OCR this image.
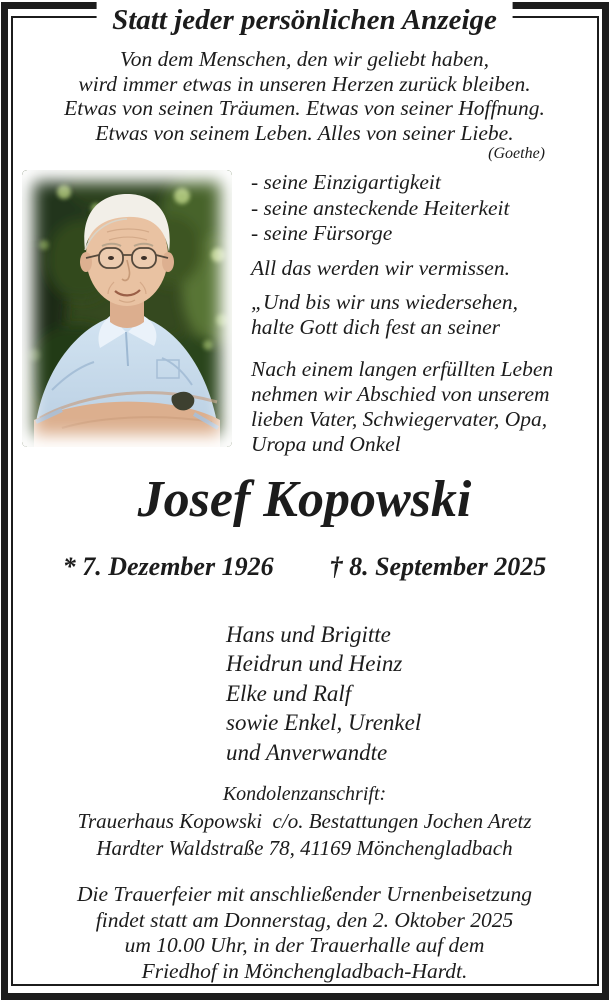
Statt jeder persönlichen Anzeige
Von dem Menschen, den wir geliebt haben,
wird immer etwas in unseren Herzen zurück bleiben.
Etwas von seinen Träumen. Etwas von seiner Hoffnung.
Etwas von seinem Leben. Alles von seiner Liebe.
(Goethe)
- seine Einzigartigkeit
- seine ansteckende Heiterkeit
- seine Fürsorge
All das werden wir vermissen.
„Und bis wir uns wiedersehen,
halte Gott dich fest an seiner
Nach einem langen erfüllten Leben
nehmen wir Abschied von unserem
lieben Vater, Schwiegervater, Opa,
Uropa und Onkel
Josef Kopowski
* 7. Dezember 1926 † 8. September 2025
Hans und Brigitte
Heidrun und Heinz
Elke und Ralf
sowie Enkel, Urenkel
und Anverwandte
Kondolenzanschrift:
Trauerhaus Kopowski  c/o. Bestattungen Jochen Aretz
Hardter Waldstraße 78, 41169 Mönchengladbach
Die Trauerfeier mit anschließender Urnenbeisetzung
findet statt am Donnerstag, den 2. Oktober 2025
um 10.00 Uhr, in der Trauerhalle auf dem
Friedhof in Mönchengladbach-Hardt.
